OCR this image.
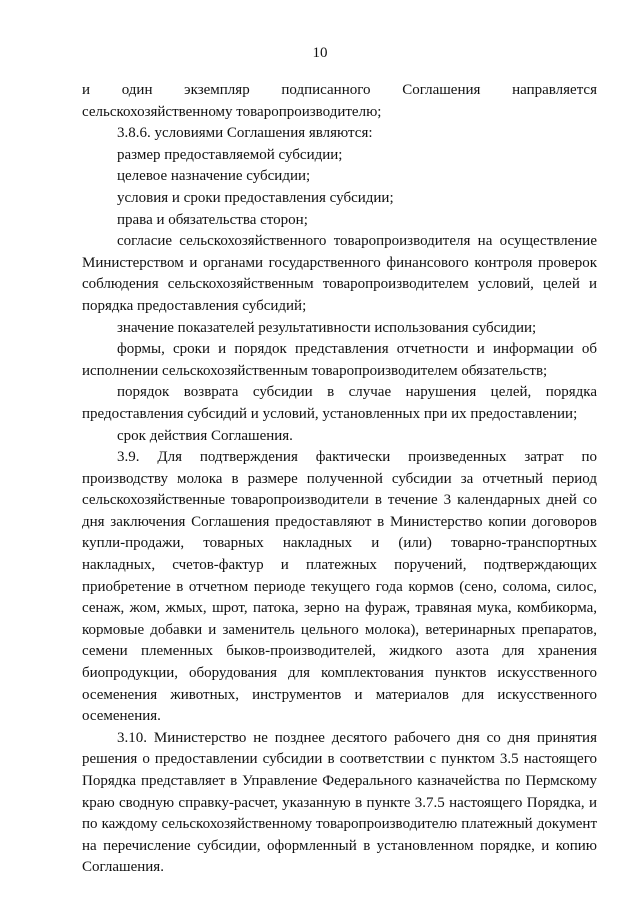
10

и один экземпляр подписанного Соглашения направляется сельскохозяйственному товаропроизводителю;

3.8.6. условиями Соглашения являются:

размер предоставляемой субсидии;

целевое назначение субсидии;

условия и сроки предоставления субсидии;

права и обязательства сторон;

согласие сельскохозяйственного товаропроизводителя на осуществление Министерством и органами государственного финансового контроля проверок соблюдения сельскохозяйственным товаропроизводителем условий, целей и порядка предоставления субсидий;

значение показателей результативности использования субсидии;

формы, сроки и порядок представления отчетности и информации об исполнении сельскохозяйственным товаропроизводителем обязательств;

порядок возврата субсидии в случае нарушения целей, порядка предоставления субсидий и условий, установленных при их предоставлении;

срок действия Соглашения.

3.9. Для подтверждения фактически произведенных затрат по производству молока в размере полученной субсидии за отчетный период сельскохозяйственные товаропроизводители в течение 3 календарных дней со дня заключения Соглашения предоставляют в Министерство копии договоров купли-продажи, товарных накладных и (или) товарно-транспортных накладных, счетов-фактур и платежных поручений, подтверждающих приобретение в отчетном периоде текущего года кормов (сено, солома, силос, сенаж, жом, жмых, шрот, патока, зерно на фураж, травяная мука, комбикорма, кормовые добавки и заменитель цельного молока), ветеринарных препаратов, семени племенных быков-производителей, жидкого азота для хранения биопродукции, оборудования для комплектования пунктов искусственного осеменения животных, инструментов и материалов для искусственного осеменения.

3.10. Министерство не позднее десятого рабочего дня со дня принятия решения о предоставлении субсидии в соответствии с пунктом 3.5 настоящего Порядка представляет в Управление Федерального казначейства по Пермскому краю сводную справку-расчет, указанную в пункте 3.7.5 настоящего Порядка, и по каждому сельскохозяйственному товаропроизводителю платежный документ на перечисление субсидии, оформленный в установленном порядке, и копию Соглашения.
